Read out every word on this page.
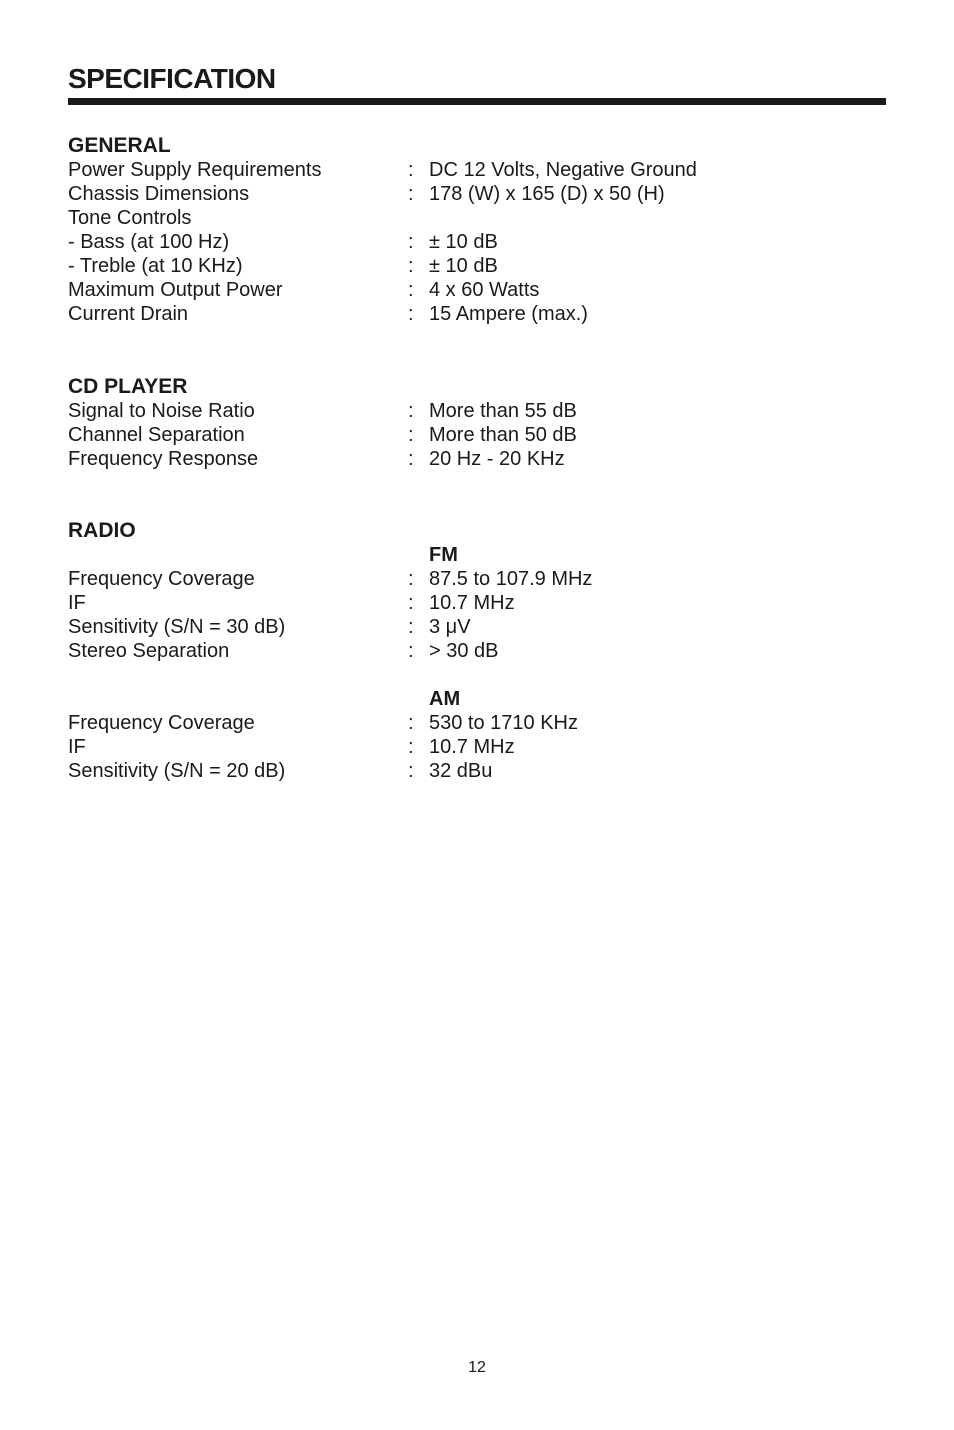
SPECIFICATION
GENERAL
Power Supply Requirements	: DC 12 Volts, Negative Ground
Chassis Dimensions	: 178 (W) x 165 (D) x 50 (H)
Tone Controls
- Bass (at 100 Hz)	: ± 10 dB
- Treble (at 10 KHz)	: ± 10 dB
Maximum Output Power	: 4 x 60 Watts
Current Drain	: 15 Ampere (max.)
CD PLAYER
Signal to Noise Ratio	: More than 55 dB
Channel Separation	: More than 50 dB
Frequency Response	: 20 Hz - 20 KHz
RADIO
FM
Frequency Coverage	: 87.5 to 107.9 MHz
IF	: 10.7 MHz
Sensitivity (S/N = 30 dB)	: 3 μV
Stereo Separation	: > 30 dB
AM
Frequency Coverage	: 530 to 1710 KHz
IF	: 10.7 MHz
Sensitivity (S/N = 20 dB)	: 32 dBu
12
